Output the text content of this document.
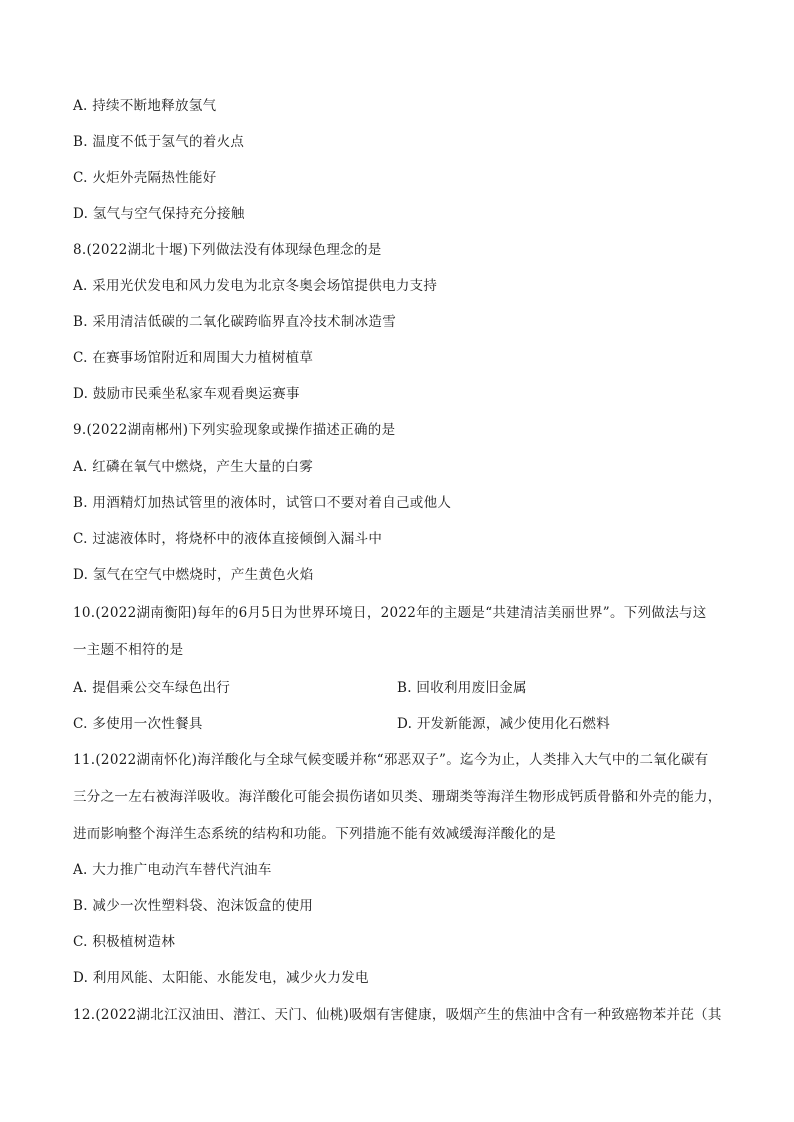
A. 持续不断地释放氢气
B. 温度不低于氢气的着火点
C. 火炬外壳隔热性能好
D. 氢气与空气保持充分接触
8.(2022湖北十堰)下列做法没有体现绿色理念的是
A. 采用光伏发电和风力发电为北京冬奥会场馆提供电力支持
B. 采用清洁低碳的二氧化碳跨临界直冷技术制冰造雪
C. 在赛事场馆附近和周围大力植树植草
D. 鼓励市民乘坐私家车观看奥运赛事
9.(2022湖南郴州)下列实验现象或操作描述正确的是
A. 红磷在氧气中燃烧，产生大量的白雾
B. 用酒精灯加热试管里的液体时，试管口不要对着自己或他人
C. 过滤液体时，将烧杯中的液体直接倾倒入漏斗中
D. 氢气在空气中燃烧时，产生黄色火焰
10.(2022湖南衡阳)每年的6月5日为世界环境日，2022年的主题是“共建清洁美丽世界”。下列做法与这
一主题不相符的是
A. 提倡乘公交车绿色出行	B. 回收利用废旧金属
C. 多使用一次性餐具	D. 开发新能源，减少使用化石燃料
11.(2022湖南怀化)海洋酸化与全球气候变暖并称“邪恶双子”。迄今为止，人类排入大气中的二氧化碳有
三分之一左右被海洋吸收。海洋酸化可能会损伤诸如贝类、珊瑚类等海洋生物形成钙质骨骼和外壳的能力，
进而影响整个海洋生态系统的结构和功能。下列措施不能有效减缓海洋酸化的是
A. 大力推广电动汽车替代汽油车
B. 减少一次性塑料袋、泡沫饭盒的使用
C. 积极植树造林
D. 利用风能、太阳能、水能发电，减少火力发电
12.(2022湖北江汉油田、潜江、天门、仙桃)吸烟有害健康，吸烟产生的焦油中含有一种致癌物苯并芘（其
